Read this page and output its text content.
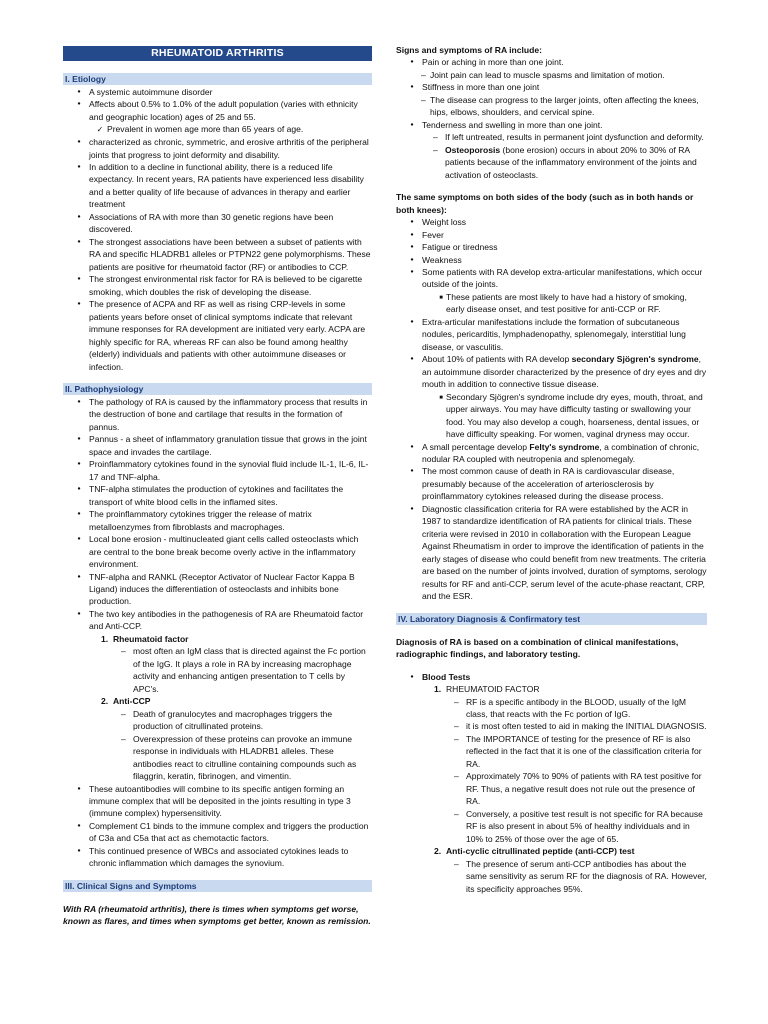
RHEUMATOID ARTHRITIS
I. Etiology
●
A systemic autoimmune disorder
●
Affects about 0.5% to 1.0% of the adult population (varies with ethnicity and geographic location) ages of 25 and 55.
✓
Prevalent in women age more than 65 years of age.
●
characterized as chronic, symmetric, and erosive arthritis of the peripheral joints that progress to joint deformity and disability.
●
In addition to a decline in functional ability, there is a reduced life expectancy. In recent years, RA patients have experienced less disability and a better quality of life because of advances in therapy and earlier treatment
●
Associations of RA with more than 30 genetic regions have been discovered.
●
The strongest associations have been between a subset of patients with RA and specific HLADRB1 alleles or PTPN22 gene polymorphisms. These patients are positive for rheumatoid factor (RF) or antibodies to CCP.
●
The strongest environmental risk factor for RA is believed to be cigarette smoking, which doubles the risk of developing the disease.
●
The presence of ACPA and RF as well as rising CRP-levels in some patients years before onset of clinical symptoms indicate that relevant immune responses for RA development are initiated very early. ACPA are highly specific for RA, whereas RF can also be found among healthy (elderly) individuals and patients with other autoimmune diseases or infection.
II. Pathophysiology
●
The pathology of RA is caused by the inflammatory process that results in the destruction of bone and cartilage that results in the formation of pannus.
●
Pannus - a sheet of inflammatory granulation tissue that grows in the joint space and invades the cartilage.
●
Proinflammatory cytokines found in the synovial fluid include IL-1, IL-6, IL-17 and TNF-alpha.
●
TNF-alpha stimulates the production of cytokines and facilitates the transport of white blood cells in the inflamed sites.
●
The proinflammatory cytokines trigger the release of matrix metalloenzymes from fibroblasts and macrophages.
●
Local bone erosion - multinucleated giant cells called osteoclasts which are central to the bone break become overly active in the inflammatory environment.
●
TNF-alpha and RANKL (Receptor Activator of Nuclear Factor Kappa B Ligand) induces the differentiation of osteoclasts and inhibits bone production.
●
The two key antibodies in the pathogenesis of RA are Rheumatoid factor and Anti-CCP.
1. Rheumatoid factor
–
most often an IgM class that is directed against the Fc portion of the IgG. It plays a role in RA by increasing macrophage activity and enhancing antigen presentation to T cells by APC's.
2. Anti-CCP
–
Death of granulocytes and macrophages triggers the production of citrullinated proteins.
–
Overexpression of these proteins can provoke an immune response in individuals with HLADRB1 alleles. These antibodies react to citrulline containing compounds such as filaggrin, keratin, fibrinogen, and vimentin.
●
These autoantibodies will combine to its specific antigen forming an immune complex that will be deposited in the joints resulting in type 3 (immune complex) hypersensitivity.
●
Complement C1 binds to the immune complex and triggers the production of C3a and C5a that act as chemotactic factors.
●
This continued presence of WBCs and associated cytokines leads to chronic inflammation which damages the synovium.
III. Clinical Signs and Symptoms
With RA (rheumatoid arthritis), there is times when symptoms get worse, known as flares, and times when symptoms get better, known as remission.
Signs and symptoms of RA include:
●
Pain or aching in more than one joint.
–
Joint pain can lead to muscle spasms and limitation of motion.
●
Stiffness in more than one joint
–
The disease can progress to the larger joints, often affecting the knees, hips, elbows, shoulders, and cervical spine.
●
Tenderness and swelling in more than one joint.
–
If left untreated, results in permanent joint dysfunction and deformity.
–
Osteoporosis (bone erosion) occurs in about 20% to 30% of RA patients because of the inflammatory environment of the joints and activation of osteoclasts.
The same symptoms on both sides of the body (such as in both hands or both knees):
●
Weight loss
●
Fever
●
Fatigue or tiredness
●
Weakness
●
Some patients with RA develop extra-articular manifestations, which occur outside of the joints.
■
These patients are most likely to have had a history of smoking, early disease onset, and test positive for anti-CCP or RF.
●
Extra-articular manifestations include the formation of subcutaneous nodules, pericarditis, lymphadenopathy, splenomegaly, interstitial lung disease, or vasculitis.
●
About 10% of patients with RA develop secondary Sjögren's syndrome, an autoimmune disorder characterized by the presence of dry eyes and dry mouth in addition to connective tissue disease.
■
Secondary Sjögren's syndrome include dry eyes, mouth, throat, and upper airways. You may have difficulty tasting or swallowing your food. You may also develop a cough, hoarseness, dental issues, or have difficulty speaking. For women, vaginal dryness may occur.
●
A small percentage develop Felty's syndrome, a combination of chronic, nodular RA coupled with neutropenia and splenomegaly.
●
The most common cause of death in RA is cardiovascular disease, presumably because of the acceleration of arteriosclerosis by proinflammatory cytokines released during the disease process.
●
Diagnostic classification criteria for RA were established by the ACR in 1987 to standardize identification of RA patients for clinical trials. These criteria were revised in 2010 in collaboration with the European League Against Rheumatism in order to improve the identification of patients in the early stages of disease who could benefit from new treatments. The criteria are based on the number of joints involved, duration of symptoms, serology results for RF and anti-CCP, serum level of the acute-phase reactant, CRP, and the ESR.
IV. Laboratory Diagnosis & Confirmatory test
Diagnosis of RA is based on a combination of clinical manifestations, radiographic findings, and laboratory testing.
●
Blood Tests
1. RHEUMATOID FACTOR
–
RF is a specific antibody in the BLOOD, usually of the IgM class, that reacts with the Fc portion of IgG.
–
it is most often tested to aid in making the INITIAL DIAGNOSIS.
–
The IMPORTANCE of testing for the presence of RF is also reflected in the fact that it is one of the classification criteria for RA.
–
Approximately 70% to 90% of patients with RA test positive for RF. Thus, a negative result does not rule out the presence of RA.
–
Conversely, a positive test result is not specific for RA because RF is also present in about 5% of healthy individuals and in 10% to 25% of those over the age of 65.
2. Anti-cyclic citrullinated peptide (anti-CCP) test
–
The presence of serum anti-CCP antibodies has about the same sensitivity as serum RF for the diagnosis of RA. However, its specificity approaches 95%.
